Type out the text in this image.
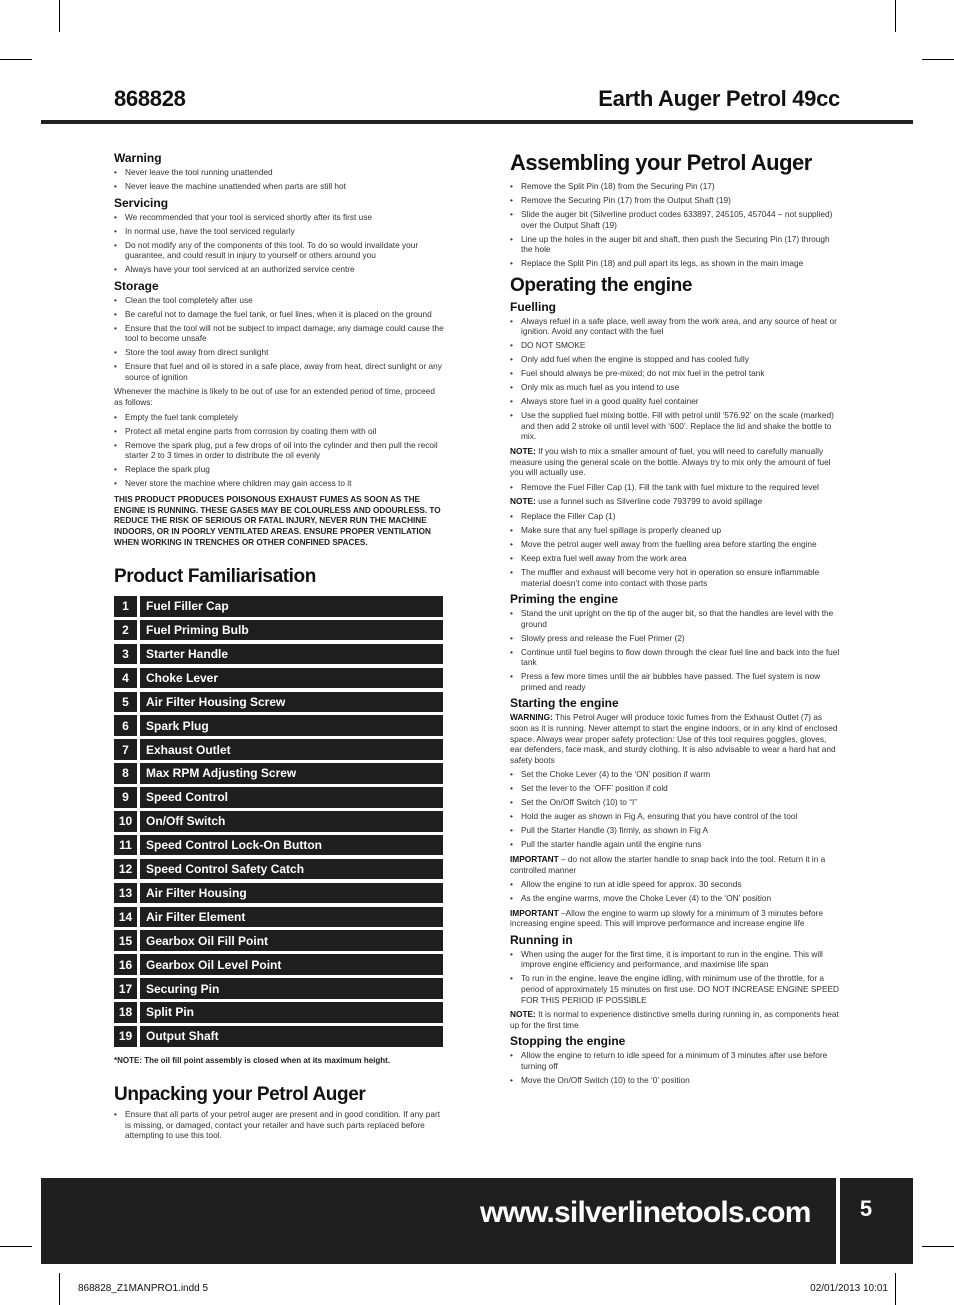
868828	Earth Auger Petrol 49cc
Warning
• Never leave the tool running unattended
• Never leave the machine unattended when parts are still hot
Servicing
• We recommended that your tool is serviced shortly after its first use
• In normal use, have the tool serviced regularly
• Do not modify any of the components of this tool. To do so would invalidate your guarantee, and could result in injury to yourself or others around you
• Always have your tool serviced at an authorized service centre
Storage
• Clean the tool completely after use
• Be careful not to damage the fuel tank, or fuel lines, when it is placed on the ground
• Ensure that the tool will not be subject to impact damage; any damage could cause the tool to become unsafe
• Store the tool away from direct sunlight
• Ensure that fuel and oil is stored in a safe place, away from heat, direct sunlight or any source of ignition

Whenever the machine is likely to be out of use for an extended period of time, proceed as follows:

• Empty the fuel tank completely
• Protect all metal engine parts from corrosion by coating them with oil
• Remove the spark plug, put a few drops of oil into the cylinder and then pull the recoil starter 2 to 3 times in order to distribute the oil evenly
• Replace the spark plug
• Never store the machine where children may gain access to it

THIS PRODUCT PRODUCES POISONOUS EXHAUST FUMES AS SOON AS THE ENGINE IS RUNNING. THESE GASES MAY BE COLOURLESS AND ODOURLESS. TO REDUCE THE RISK OF SERIOUS OR FATAL INJURY, NEVER RUN THE MACHINE INDOORS, OR IN POORLY VENTILATED AREAS. ENSURE PROPER VENTILATION WHEN WORKING IN TRENCHES OR OTHER CONFINED SPACES.

Product Familiarisation
1	Fuel Filler Cap
2	Fuel Priming Bulb
3	Starter Handle
4	Choke Lever
5	Air Filter Housing Screw
6	Spark Plug
7	Exhaust Outlet
8	Max RPM Adjusting Screw
9	Speed Control
10	On/Off Switch
11	Speed Control Lock-On Button
12	Speed Control Safety Catch
13	Air Filter Housing
14	Air Filter Element
15	Gearbox Oil Fill Point
16	Gearbox Oil Level Point
17	Securing Pin
18	Split Pin
19	Output Shaft
*NOTE: The oil fill point assembly is closed when at its maximum height.
Unpacking your Petrol Auger
• Ensure that all parts of your petrol auger are present and in good condition. If any part is missing, or damaged, contact your retailer and have such parts replaced before attempting to use this tool.
Assembling your Petrol Auger
• Remove the Split Pin (18) from the Securing Pin (17)
• Remove the Securing Pin (17) from the Output Shaft (19)
• Slide the auger bit (Silverline product codes 633897, 245105, 457044 – not supplied) over the Output Shaft (19)
• Line up the holes in the auger bit and shaft, then push the Securing Pin (17) through the hole
• Replace the Split Pin (18) and pull apart its legs, as shown in the main image
Operating the engine
Fuelling
• Always refuel in a safe place, well away from the work area, and any source of heat or ignition. Avoid any contact with the fuel
• DO NOT SMOKE
• Only add fuel when the engine is stopped and has cooled fully
• Fuel should always be pre-mixed; do not mix fuel in the petrol tank
• Only mix as much fuel as you intend to use
• Always store fuel in a good quality fuel container
• Use the supplied fuel mixing bottle. Fill with petrol until ‘576.92’ on the scale (marked) and then add 2 stroke oil until level with ‘600’. Replace the lid and shake the bottle to mix.

NOTE: If you wish to mix a smaller amount of fuel, you will need to carefully manually measure using the general scale on the bottle. Always try to mix only the amount of fuel you will actually use.

• Remove the Fuel Filler Cap (1). Fill the tank with fuel mixture to the required level

NOTE: use a funnel such as Silverline code 793799 to avoid spillage

• Replace the Filler Cap (1)
• Make sure that any fuel spillage is properly cleaned up
• Move the petrol auger well away from the fuelling area before starting the engine
• Keep extra fuel well away from the work area
• The muffler and exhaust will become very hot in operation so ensure inflammable material doesn’t come into contact with those parts
Priming the engine
• Stand the unit upright on the tip of the auger bit, so that the handles are level with the ground
• Slowly press and release the Fuel Primer (2)
• Continue until fuel begins to flow down through the clear fuel line and back into the fuel tank
• Press a few more times until the air bubbles have passed. The fuel system is now primed and ready
Starting the engine

WARNING: This Petrol Auger will produce toxic fumes from the Exhaust Outlet (7) as soon as it is running. Never attempt to start the engine indoors, or in any kind of enclosed space. Always wear proper safety protection: Use of this tool requires goggles, gloves, ear defenders, face mask, and sturdy clothing. It is also advisable to wear a hard hat and safety boots

• Set the Choke Lever (4) to the ‘ON’ position if warm
• Set the lever to the ‘OFF’ position if cold
• Set the On/Off Switch (10) to “I”
• Hold the auger as shown in Fig A, ensuring that you have control of the tool
• Pull the Starter Handle (3) firmly, as shown in Fig A
• Pull the starter handle again until the engine runs

IMPORTANT – do not allow the starter handle to snap back into the tool. Return it in a controlled manner

• Allow the engine to run at idle speed for approx. 30 seconds
• As the engine warms, move the Choke Lever (4) to the ‘ON’ position

IMPORTANT –Allow the engine to warm up slowly for a minimum of 3 minutes before increasing engine speed. This will improve performance and increase engine life

Running in
• When using the auger for the first time, it is important to run in the engine. This will improve engine efficiency and performance, and maximise life span
• To run in the engine, leave the engine idling, with minimum use of the throttle, for a period of approximately 15 minutes on first use. DO NOT INCREASE ENGINE SPEED FOR THIS PERIOD IF POSSIBLE

NOTE: It is normal to experience distinctive smells during running in, as components heat up for the first time

Stopping the engine
• Allow the engine to return to idle speed for a minimum of 3 minutes after use before turning off
• Move the On/Off Switch (10) to the ‘0’ position
www.silverlinetools.com	5
868828_Z1MANPRO1.indd 5	02/01/2013 10:01
